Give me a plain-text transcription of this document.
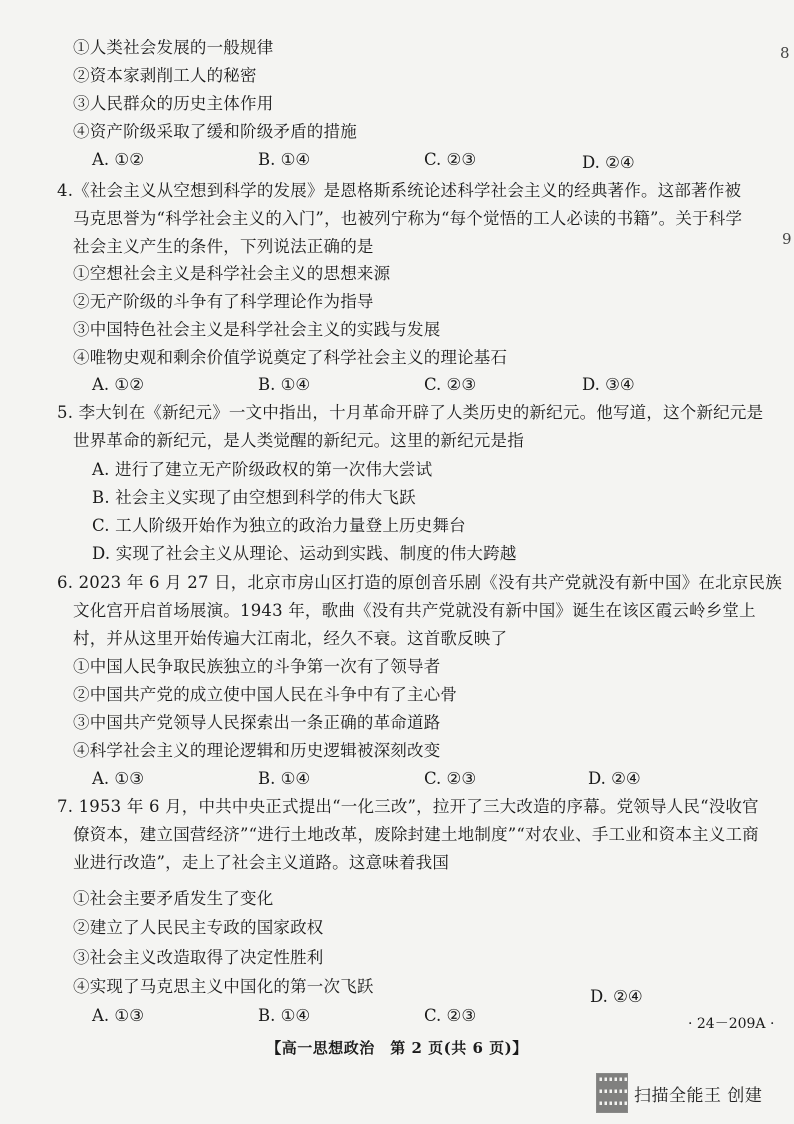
①人类社会发展的一般规律
②资本家剥削工人的秘密
③人民群众的历史主体作用
④资产阶级采取了缓和阶级矛盾的措施
A. ①②	B. ①④	C. ②③	D. ②④
4.《社会主义从空想到科学的发展》是恩格斯系统论述科学社会主义的经典著作。这部著作被
马克思誉为“科学社会主义的入门”，也被列宁称为“每个觉悟的工人必读的书籍”。关于科学
社会主义产生的条件，下列说法正确的是
①空想社会主义是科学社会主义的思想来源
②无产阶级的斗争有了科学理论作为指导
③中国特色社会主义是科学社会主义的实践与发展
④唯物史观和剩余价值学说奠定了科学社会主义的理论基石
A. ①②	B. ①④	C. ②③	D. ③④
5. 李大钊在《新纪元》一文中指出，十月革命开辟了人类历史的新纪元。他写道，这个新纪元是
世界革命的新纪元，是人类觉醒的新纪元。这里的新纪元是指
A. 进行了建立无产阶级政权的第一次伟大尝试
B. 社会主义实现了由空想到科学的伟大飞跃
C. 工人阶级开始作为独立的政治力量登上历史舞台
D. 实现了社会主义从理论、运动到实践、制度的伟大跨越
6. 2023 年 6 月 27 日，北京市房山区打造的原创音乐剧《没有共产党就没有新中国》在北京民族
文化宫开启首场展演。1943 年，歌曲《没有共产党就没有新中国》诞生在该区霞云岭乡堂上
村，并从这里开始传遍大江南北，经久不衰。这首歌反映了
①中国人民争取民族独立的斗争第一次有了领导者
②中国共产党的成立使中国人民在斗争中有了主心骨
③中国共产党领导人民探索出一条正确的革命道路
④科学社会主义的理论逻辑和历史逻辑被深刻改变
A. ①③	B. ①④	C. ②③	D. ②④
7. 1953 年 6 月，中共中央正式提出“一化三改”，拉开了三大改造的序幕。党领导人民“没收官
僚资本，建立国营经济”“进行土地改革，废除封建土地制度”“对农业、手工业和资本主义工商
业进行改造”，走上了社会主义道路。这意味着我国
①社会主要矛盾发生了变化
②建立了人民民主专政的国家政权
③社会主义改造取得了决定性胜利
④实现了马克思主义中国化的第一次飞跃
A. ①③	B. ①④	C. ②③
D. ②④
8
9
· 24－209A ·
【高一思想政治　第 2 页(共 6 页)】
扫描全能王 创建
